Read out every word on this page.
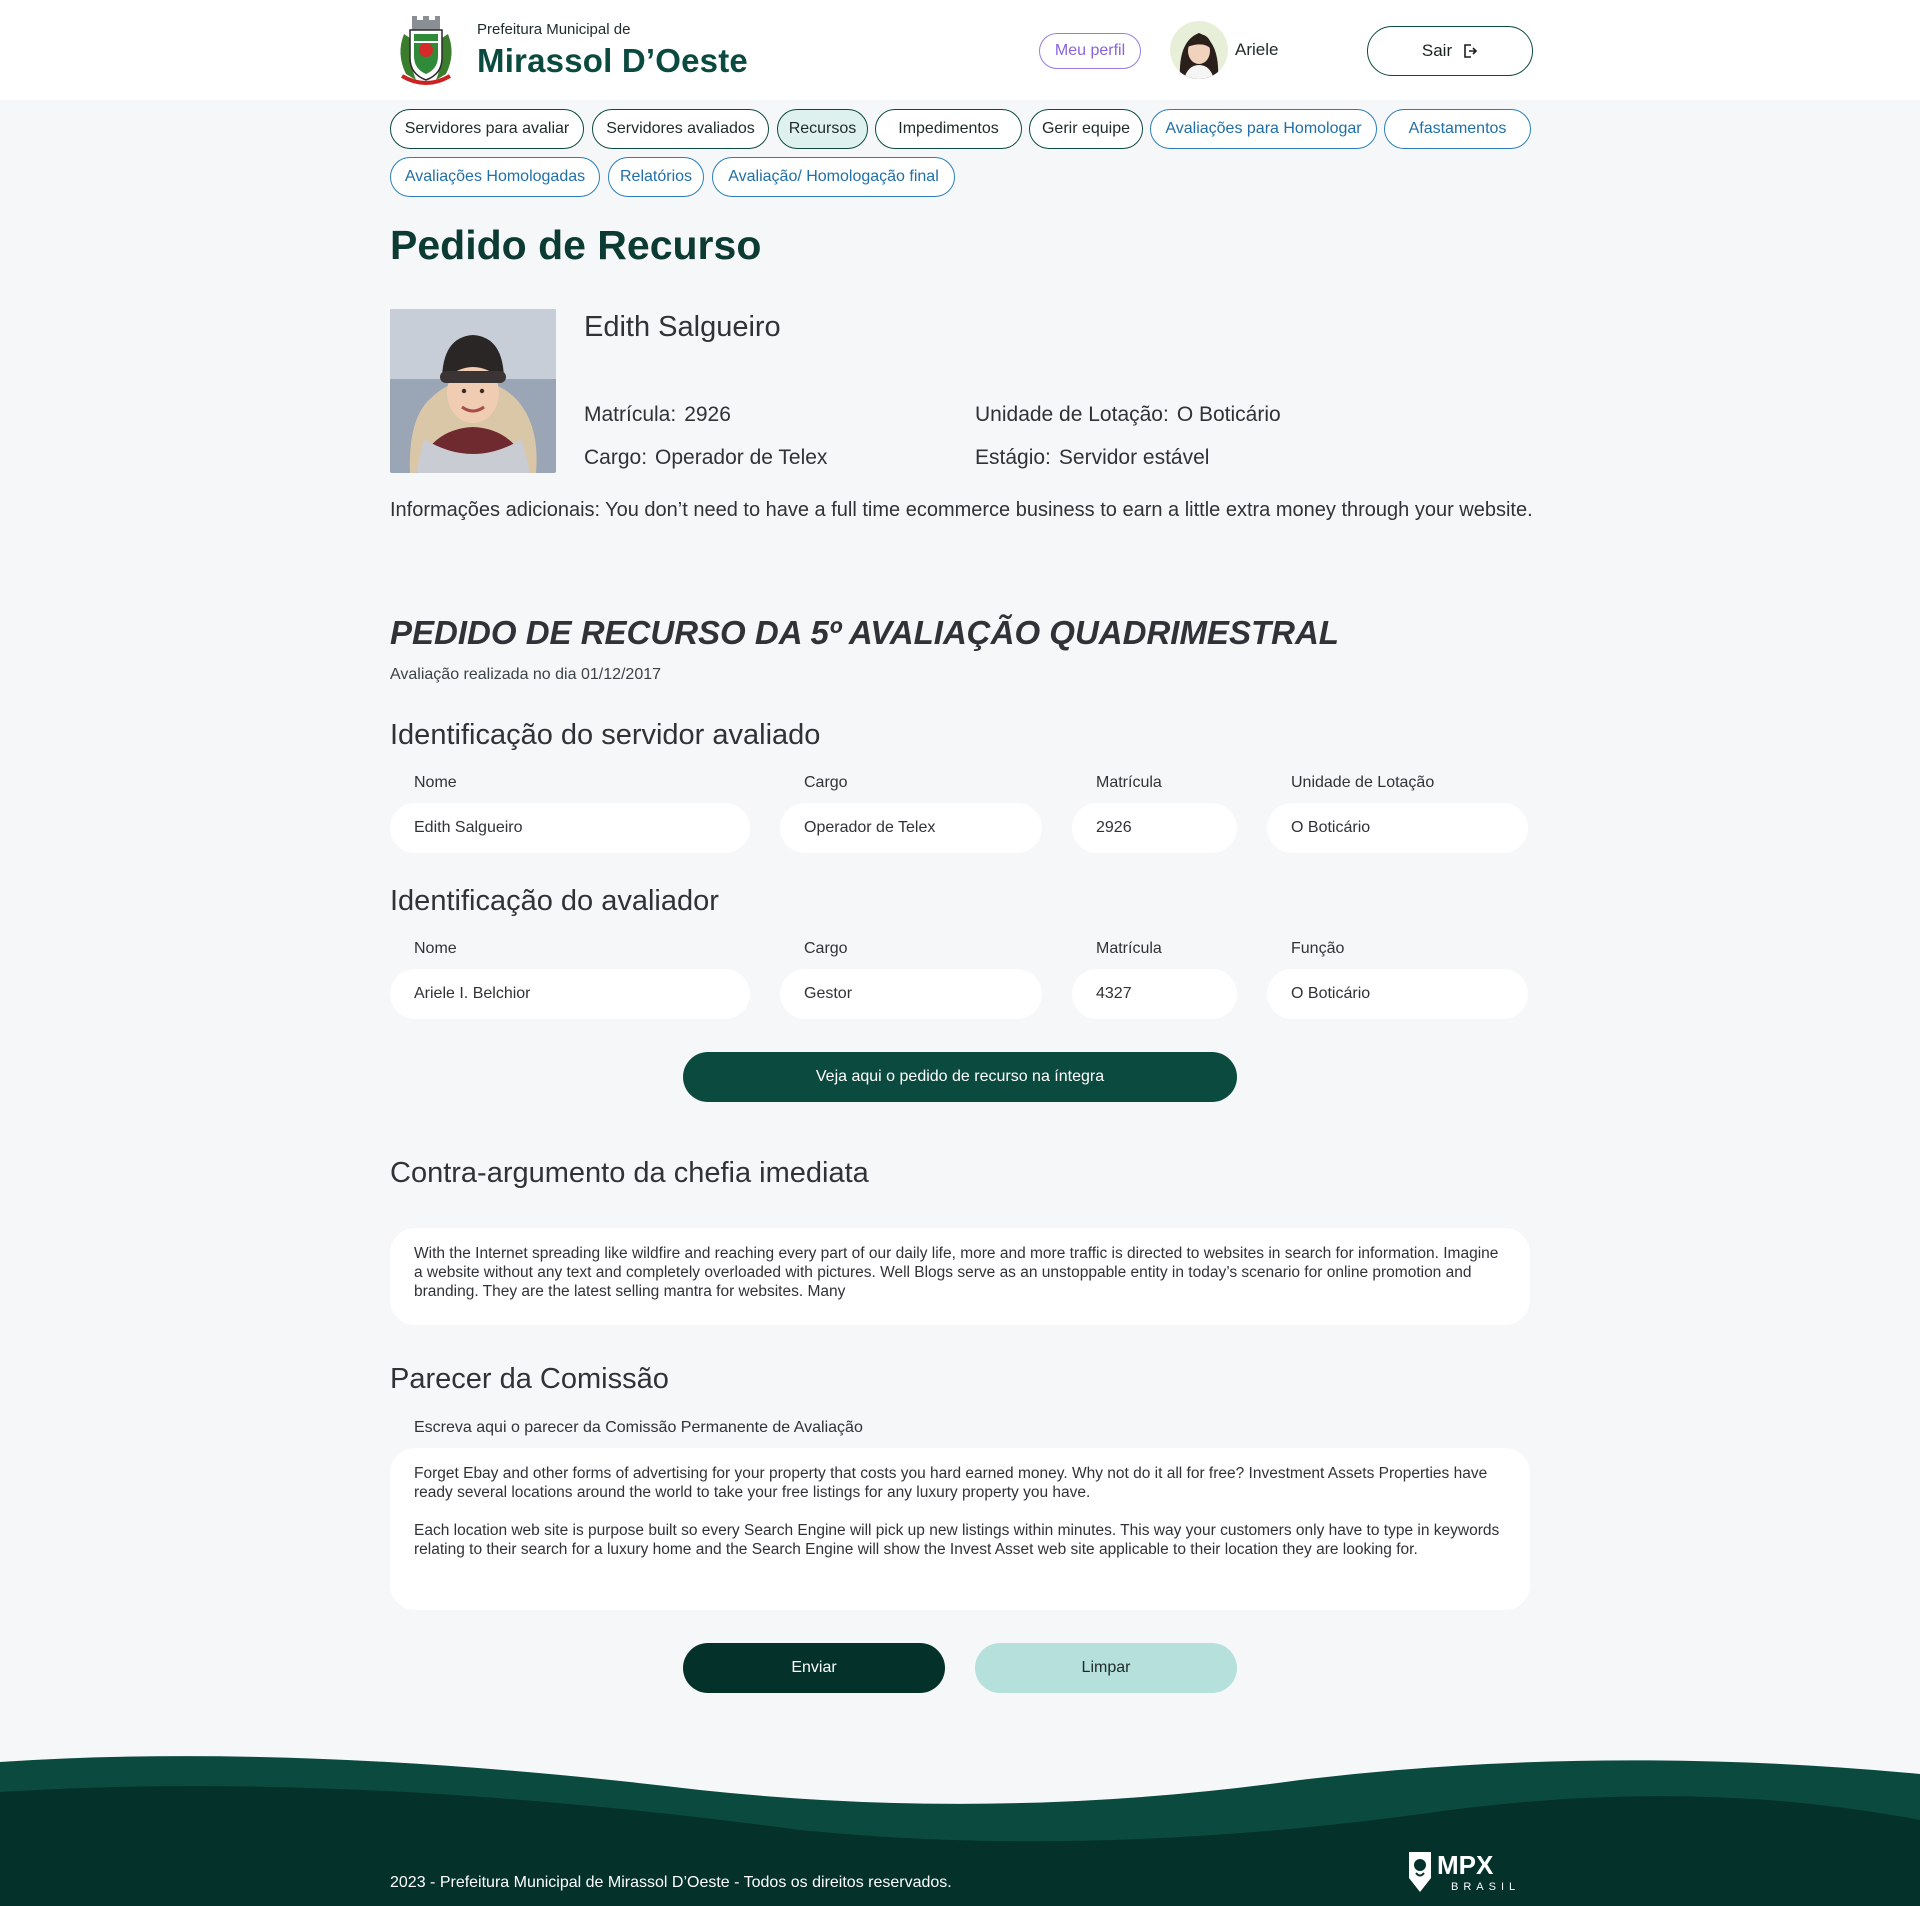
Prefeitura Municipal de
Mirassol D’Oeste	Meu perfil	Ariele	Sair
Servidores para avaliar	Servidores avaliados	Recursos	Impedimentos	Gerir equipe	Avaliações para Homologar	Afastamentos
Avaliações Homologadas	Relatórios	Avaliação/ Homologação final
Pedido de Recurso
Edith Salgueiro
Matrícula: 2926	Unidade de Lotação: O Boticário
Cargo: Operador de Telex	Estágio: Servidor estável
Informações adicionais: You don’t need to have a full time ecommerce business to earn a little extra money through your website.
PEDIDO DE RECURSO DA 5º AVALIAÇÃO QUADRIMESTRAL
Avaliação realizada no dia 01/12/2017
Identificação do servidor avaliado
Nome	Cargo	Matrícula	Unidade de Lotação
Edith Salgueiro	Operador de Telex	2926	O Boticário
Identificação do avaliador
Nome	Cargo	Matrícula	Função
Ariele I. Belchior	Gestor	4327	O Boticário
Veja aqui o pedido de recurso na íntegra
Contra-argumento da chefia imediata
With the Internet spreading like wildfire and reaching every part of our daily life, more and more traffic is directed to websites in search for information. Imagine a website without any text and completely overloaded with pictures. Well Blogs serve as an unstoppable entity in today’s scenario for online promotion and branding. They are the latest selling mantra for websites. Many
Parecer da Comissão
Escreva aqui o parecer da Comissão Permanente de Avaliação

Forget Ebay and other forms of advertising for your property that costs you hard earned money. Why not do it all for free? Investment Assets Properties have ready several locations around the world to take your free listings for any luxury property you have.

Each location web site is purpose built so every Search Engine will pick up new listings within minutes. This way your customers only have to type in keywords relating to their search for a luxury home and the Search Engine will show the Invest Asset web site applicable to their location they are looking for.

Enviar	Limpar
2023 - Prefeitura Municipal de Mirassol D’Oeste - Todos os direitos reservados.
MPX
BRASIL
